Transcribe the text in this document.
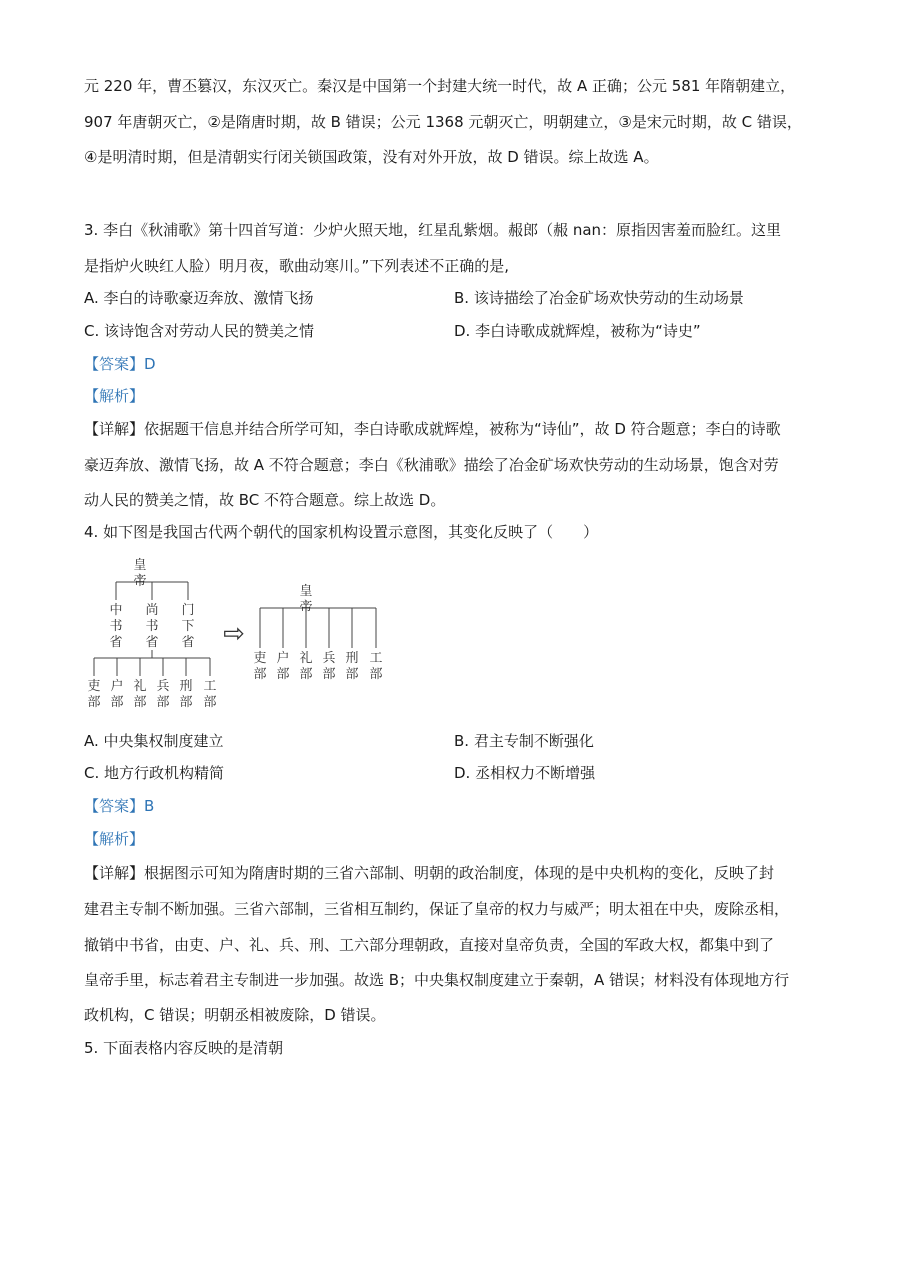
元 220 年，曹丕篡汉，东汉灭亡。秦汉是中国第一个封建大统一时代，故 A 正确；公元 581 年隋朝建立，
907 年唐朝灭亡，②是隋唐时期，故 B 错误；公元 1368 元朝灭亡，明朝建立，③是宋元时期，故 C 错误，
④是明清时期，但是清朝实行闭关锁国政策，没有对外开放，故 D 错误。综上故选 A。
3. 李白《秋浦歌》第十四首写道：少炉火照天地，红星乱紫烟。赧郎（赧 nan：原指因害羞而脸红。这里
是指炉火映红人脸）明月夜，歌曲动寒川。”下列表述不正确的是,
A. 李白的诗歌豪迈奔放、激情飞扬	B. 该诗描绘了冶金矿场欢快劳动的生动场景
C. 该诗饱含对劳动人民的赞美之情	D. 李白诗歌成就辉煌，被称为“诗史”
【答案】D
【解析】
【详解】依据题干信息并结合所学可知，李白诗歌成就辉煌，被称为“诗仙”，故 D 符合题意；李白的诗歌
豪迈奔放、激情飞扬，故 A 不符合题意；李白《秋浦歌》描绘了冶金矿场欢快劳动的生动场景，饱含对劳
动人民的赞美之情，故 BC 不符合题意。综上故选 D。
4. 如下图是我国古代两个朝代的国家机构设置示意图，其变化反映了（　　）
皇帝
中书省
尚书省
门下省
吏部
户部
礼部
兵部
刑部
工部
⇨
皇帝
吏部
户部
礼部
兵部
刑部
工部
A. 中央集权制度建立	B. 君主专制不断强化
C. 地方行政机构精简	D. 丞相权力不断增强
【答案】B
【解析】
【详解】根据图示可知为隋唐时期的三省六部制、明朝的政治制度，体现的是中央机构的变化，反映了封
建君主专制不断加强。三省六部制，三省相互制约，保证了皇帝的权力与威严；明太祖在中央，废除丞相，
撤销中书省，由吏、户、礼、兵、刑、工六部分理朝政，直接对皇帝负责，全国的军政大权，都集中到了
皇帝手里，标志着君主专制进一步加强。故选 B；中央集权制度建立于秦朝，A 错误；材料没有体现地方行
政机构，C 错误；明朝丞相被废除，D 错误。
5. 下面表格内容反映的是清朝
